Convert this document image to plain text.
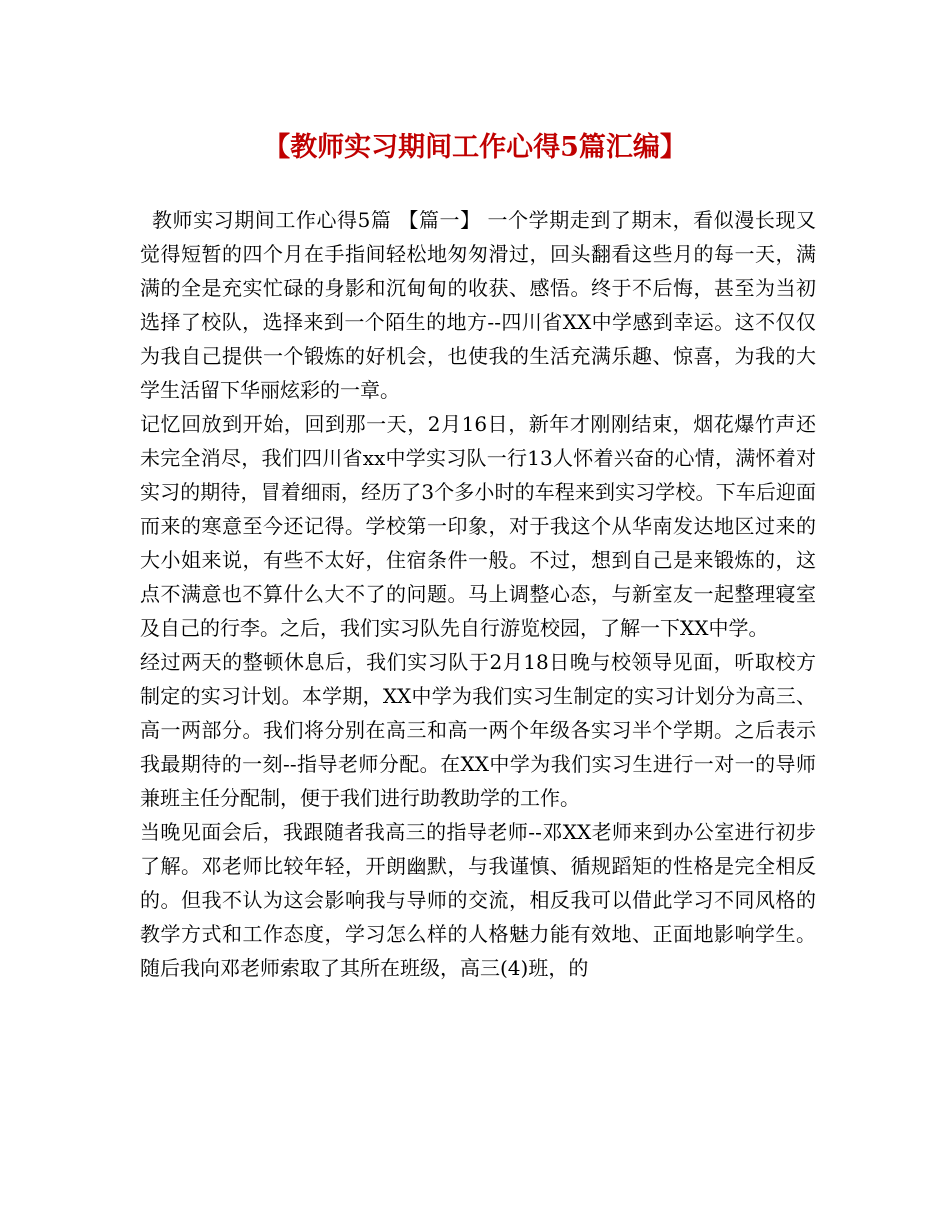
【教师实习期间工作心得5篇汇编】

教师实习期间工作心得5篇 【篇一】 一个学期走到了期末，看似漫长现又觉得短暂的四个月在手指间轻松地匆匆滑过，回头翻看这些月的每一天，满满的全是充实忙碌的身影和沉甸甸的收获、感悟。终于不后悔，甚至为当初选择了校队，选择来到一个陌生的地方--四川省XX中学感到幸运。这不仅仅为我自己提供一个锻炼的好机会，也使我的生活充满乐趣、惊喜，为我的大学生活留下华丽炫彩的一章。

记忆回放到开始，回到那一天，2月16日，新年才刚刚结束，烟花爆竹声还未完全消尽，我们四川省xx中学实习队一行13人怀着兴奋的心情，满怀着对实习的期待，冒着细雨，经历了3个多小时的车程来到实习学校。下车后迎面而来的寒意至今还记得。学校第一印象，对于我这个从华南发达地区过来的大小姐来说，有些不太好，住宿条件一般。不过，想到自己是来锻炼的，这点不满意也不算什么大不了的问题。马上调整心态，与新室友一起整理寝室及自己的行李。之后，我们实习队先自行游览校园，了解一下XX中学。

经过两天的整顿休息后，我们实习队于2月18日晚与校领导见面，听取校方制定的实习计划。本学期，XX中学为我们实习生制定的实习计划分为高三、高一两部分。我们将分别在高三和高一两个年级各实习半个学期。之后表示我最期待的一刻--指导老师分配。在XX中学为我们实习生进行一对一的导师兼班主任分配制，便于我们进行助教助学的工作。

当晚见面会后，我跟随者我高三的指导老师--邓XX老师来到办公室进行初步了解。邓老师比较年轻，开朗幽默，与我谨慎、循规蹈矩的性格是完全相反的。但我不认为这会影响我与导师的交流，相反我可以借此学习不同风格的教学方式和工作态度，学习怎么样的人格魅力能有效地、正面地影响学生。随后我向邓老师索取了其所在班级，高三(4)班，的
